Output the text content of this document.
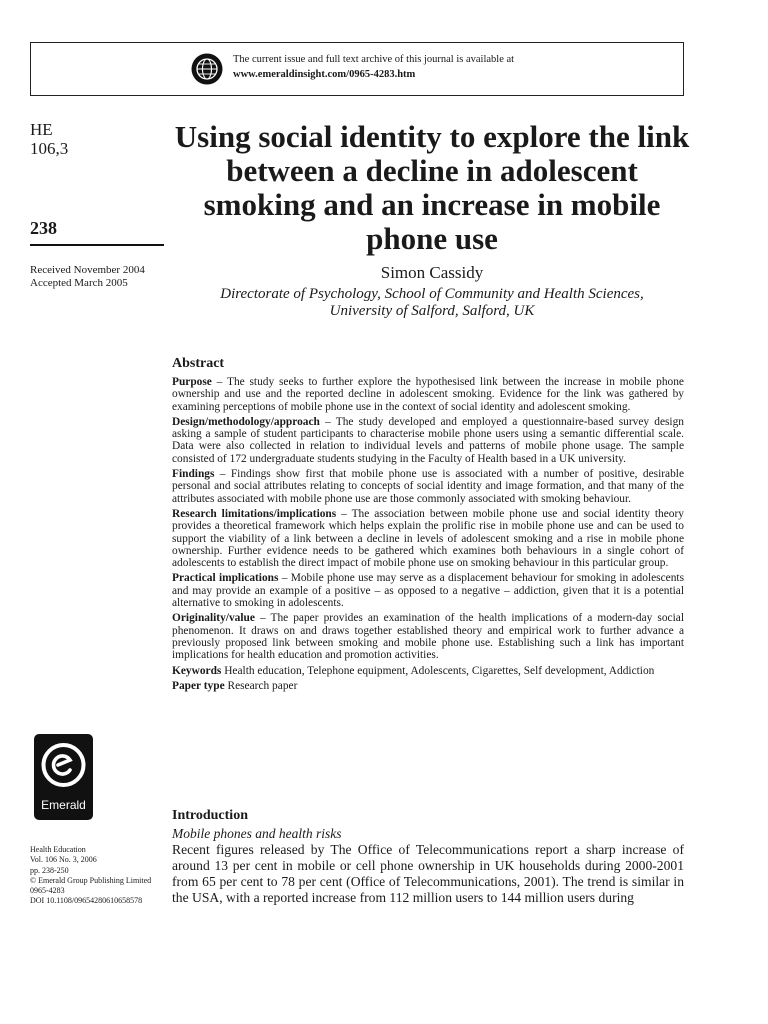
The current issue and full text archive of this journal is available at
www.emeraldinsight.com/0965-4283.htm
HE
106,3
238
Received November 2004
Accepted March 2005
Emerald
Health Education
Vol. 106 No. 3, 2006
pp. 238-250
© Emerald Group Publishing Limited
0965-4283
DOI 10.1108/09654280610658578
Using social identity to explore the link between a decline in adolescent smoking and an increase in mobile phone use
Simon Cassidy
Directorate of Psychology, School of Community and Health Sciences,
University of Salford, Salford, UK
Abstract

Purpose – The study seeks to further explore the hypothesised link between the increase in mobile phone ownership and use and the reported decline in adolescent smoking. Evidence for the link was gathered by examining perceptions of mobile phone use in the context of social identity and adolescent smoking.

Design/methodology/approach – The study developed and employed a questionnaire-based survey design asking a sample of student participants to characterise mobile phone users using a semantic differential scale. Data were also collected in relation to individual levels and patterns of mobile phone usage. The sample consisted of 172 undergraduate students studying in the Faculty of Health based in a UK university.

Findings – Findings show first that mobile phone use is associated with a number of positive, desirable personal and social attributes relating to concepts of social identity and image formation, and that many of the attributes associated with mobile phone use are those commonly associated with smoking behaviour.

Research limitations/implications – The association between mobile phone use and social identity theory provides a theoretical framework which helps explain the prolific rise in mobile phone use and can be used to support the viability of a link between a decline in levels of adolescent smoking and a rise in mobile phone ownership. Further evidence needs to be gathered which examines both behaviours in a single cohort of adolescents to establish the direct impact of mobile phone use on smoking behaviour in this particular group.

Practical implications – Mobile phone use may serve as a displacement behaviour for smoking in adolescents and may provide an example of a positive – as opposed to a negative – addiction, given that it is a potential alternative to smoking in adolescents.

Originality/value – The paper provides an examination of the health implications of a modern-day social phenomenon. It draws on and draws together established theory and empirical work to further advance a previously proposed link between smoking and mobile phone use. Establishing such a link has important implications for health education and promotion activities.

Keywords Health education, Telephone equipment, Adolescents, Cigarettes, Self development, Addiction

Paper type Research paper

Introduction
Mobile phones and health risks
Recent figures released by The Office of Telecommunications report a sharp increase of around 13 per cent in mobile or cell phone ownership in UK households during 2000-2001 from 65 per cent to 78 per cent (Office of Telecommunications, 2001). The trend is similar in the USA, with a reported increase from 112 million users to 144 million users during
